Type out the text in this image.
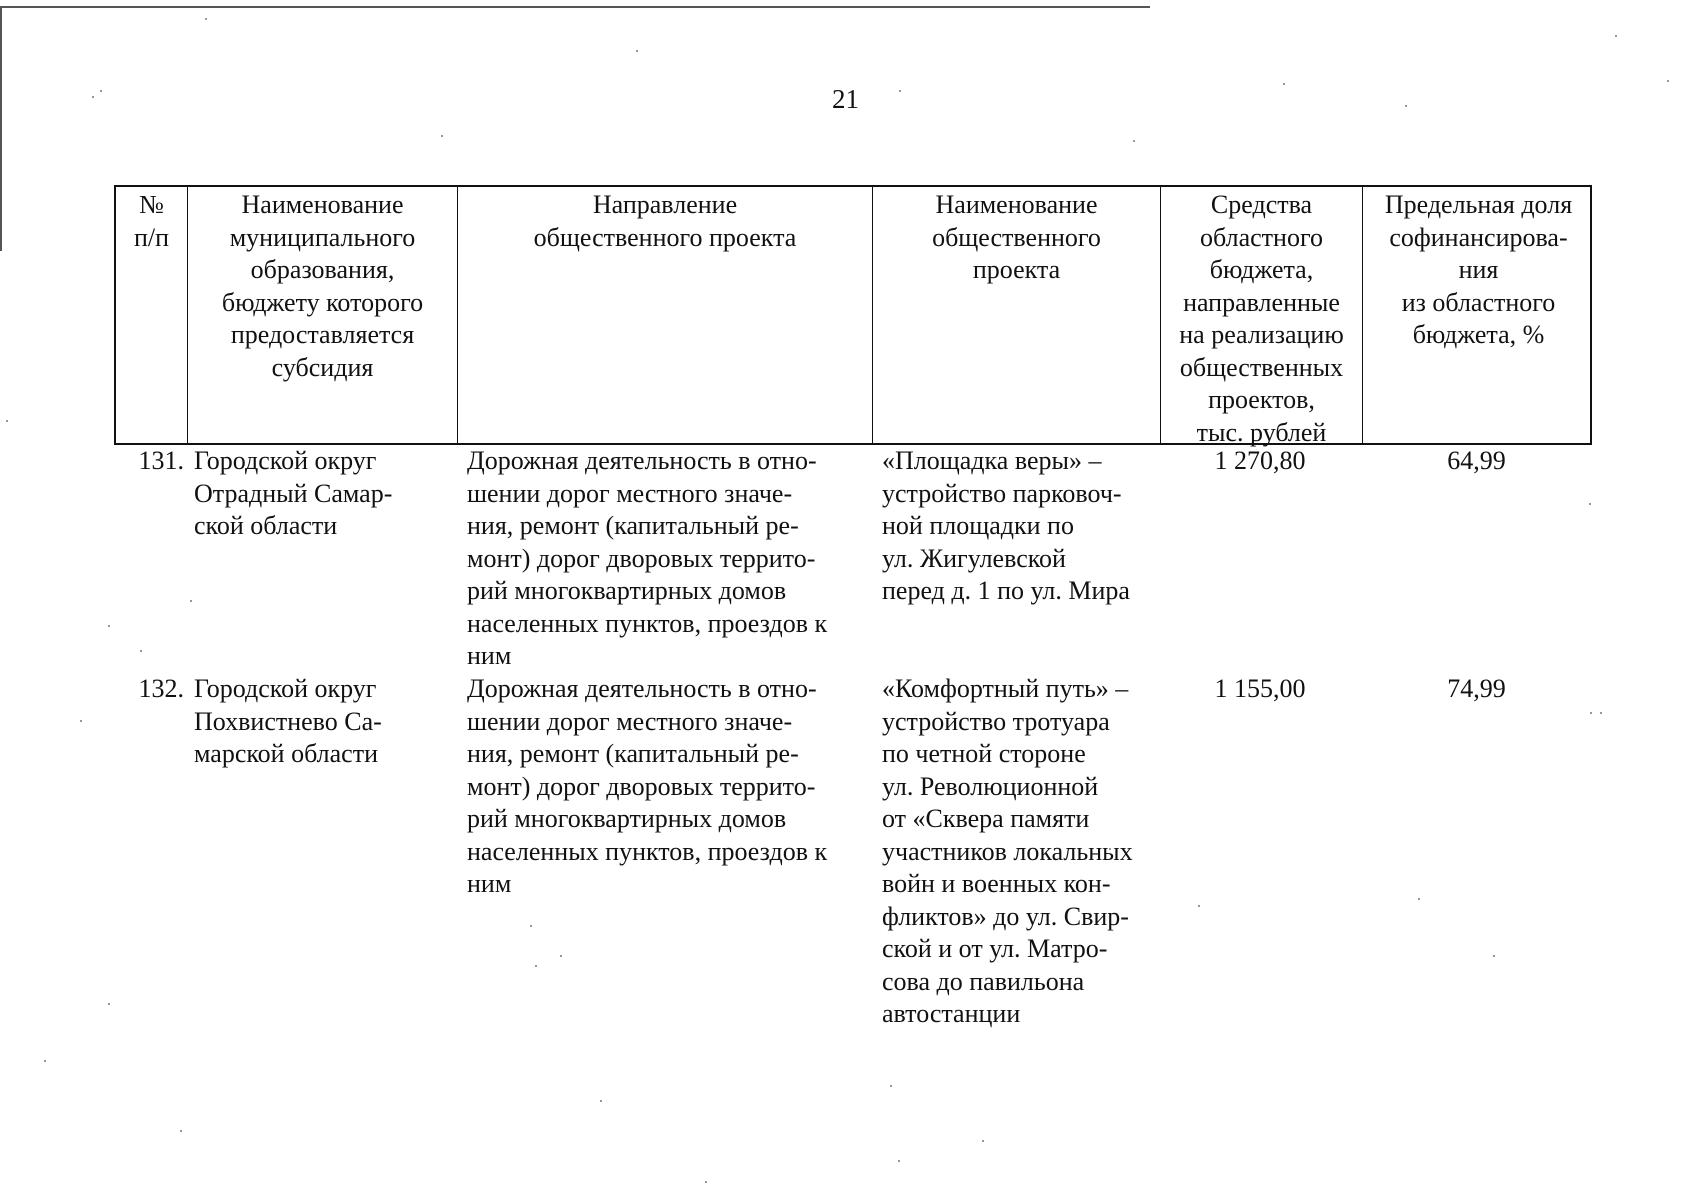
21
№
п/п
Наименование
муниципального
образования,
бюджету которого
предоставляется
субсидия
Направление
общественного проекта
Наименование
общественного
проекта
Средства
областного
бюджета,
направленные
на реализацию
общественных
проектов,
тыс. рублей
Предельная доля
софинансирова-
ния
из областного
бюджета, %
131. Городской округ
Отрадный Самар-
ской области
Дорожная деятельность в отно-
шении дорог местного значе-
ния, ремонт (капитальный ре-
монт) дорог дворовых террито-
рий многоквартирных домов
населенных пунктов, проездов к
ним
«Площадка веры» –
устройство парковоч-
ной площадки по
ул. Жигулевской
перед д. 1 по ул. Мира
1 270,80	64,99
132. Городской округ
Похвистнево Са-
марской области
Дорожная деятельность в отно-
шении дорог местного значе-
ния, ремонт (капитальный ре-
монт) дорог дворовых террито-
рий многоквартирных домов
населенных пунктов, проездов к
ним
«Комфортный путь» –
устройство тротуара
по четной стороне
ул. Революционной
от «Сквера памяти
участников локальных
войн и военных кон-
фликтов» до ул. Свир-
ской и от ул. Матро-
сова до павильона
автостанции
1 155,00	74,99
